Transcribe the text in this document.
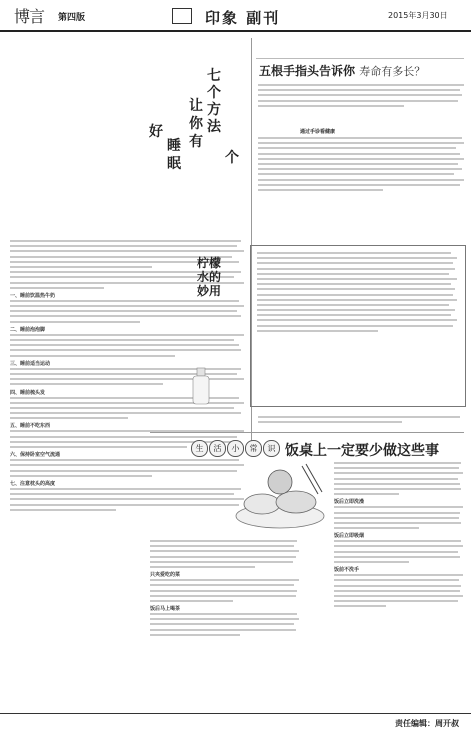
博言 第四版	印象 副刊	2015年3月30日
七
个
方
法
让
你
有
个
好
睡
眠
一、睡前饮温热牛奶
二、睡前泡泡脚
三、睡前适当运动
四、睡前梳头发
五、睡前不吃东西
六、保持卧室空气流通
七、注意枕头的高度
五根手指头告诉你 寿命有多长？
通过手诊看健康
柠檬水的妙用
生 活 小 常 识 饭桌上一定要少做这些事
只夹爱吃的菜
饭后马上喝茶
饭后立即洗澡
饭后立即吸烟
饭前不洗手
责任编辑：周开叔
